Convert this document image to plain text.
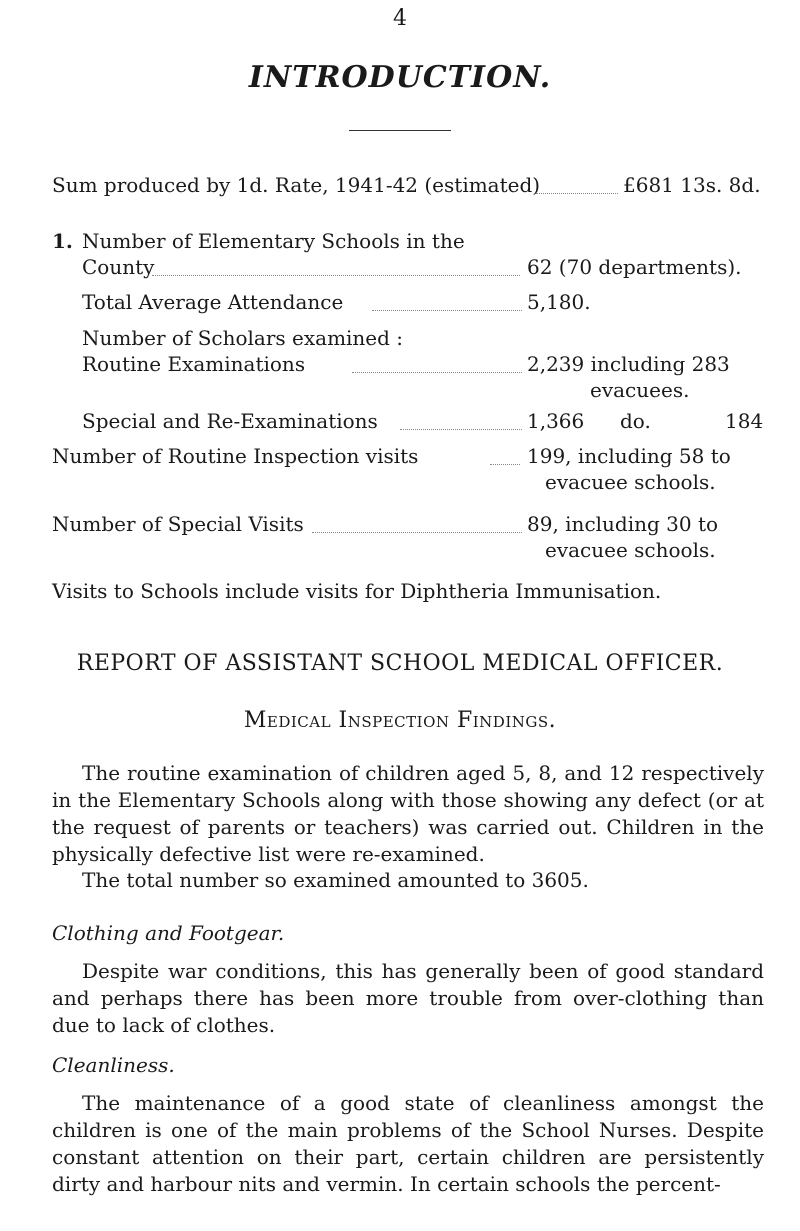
4
INTRODUCTION.
Sum produced by 1d. Rate, 1941-42 (estimated)	£681 13s. 8d.
1. Number of Elementary Schools in the
County	62 (70 departments).
Total Average Attendance	5,180.
Number of Scholars examined :
Routine Examinations	2,239 including 283
evacuees.
Special and Re-Examinations	1,366 do.	184
Number of Routine Inspection visits	199, including 58 to
evacuee schools.
Number of Special Visits	89, including 30 to
evacuee schools.
Visits to Schools include visits for Diphtheria Immunisation.
REPORT OF ASSISTANT SCHOOL MEDICAL OFFICER.
Medical Inspection Findings.
The routine examination of children aged 5, 8, and 12 respectively in the Elementary Schools along with those showing any defect (or at the request of parents or teachers) was carried out. Children in the physically defective list were re-examined.
The total number so examined amounted to 3605.
Clothing and Footgear.
Despite war conditions, this has generally been of good standard and perhaps there has been more trouble from over-clothing than due to lack of clothes.
Cleanliness.
The maintenance of a good state of cleanliness amongst the children is one of the main problems of the School Nurses. Despite constant attention on their part, certain children are persistently dirty and harbour nits and vermin. In certain schools the percent-
